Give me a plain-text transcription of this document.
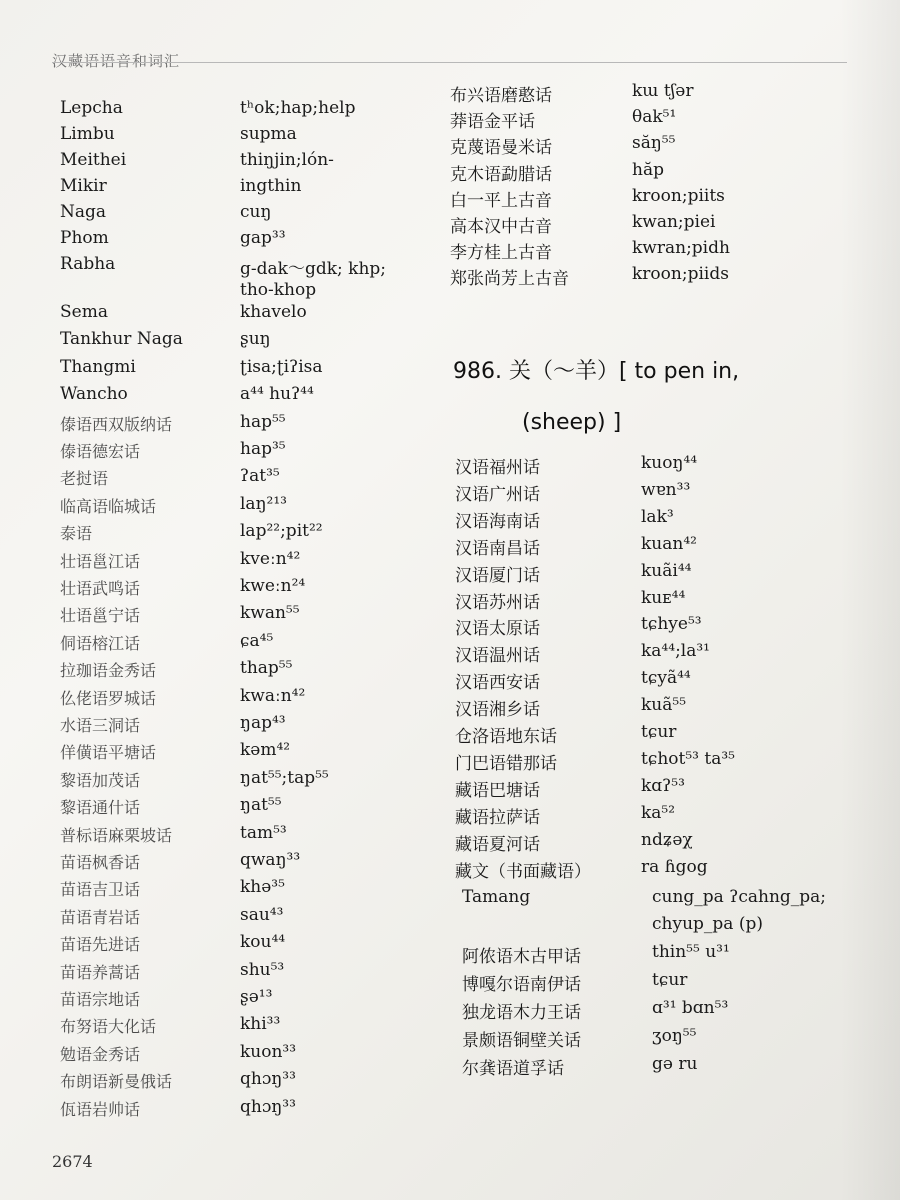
汉藏语语音和词汇
Lepcha	tʰok;hap;help
Limbu	supma
Meithei	thiŋjin;lón-
Mikir	ingthin
Naga	cuŋ
Phom	gap³³
Rabha	g-dak～gdk; khp;
tho-khop
Sema	khavelo
Tankhur Naga	ʂuŋ
Thangmi	ʈisa;ʈiʔisa
Wancho	a⁴⁴ huʔ⁴⁴
傣语西双版纳话	hap⁵⁵
傣语德宏话	hap³⁵
老挝语	ʔat³⁵
临高语临城话	laŋ²¹³
泰语	lap²²;pit²²
壮语邕江话	kveːn⁴²
壮语武鸣话	kweːn²⁴
壮语邕宁话	kwan⁵⁵
侗语榕江话	ɕa⁴⁵
拉珈语金秀话	thap⁵⁵
仫佬语罗城话	kwaːn⁴²
水语三洞话	ŋap⁴³
佯僙语平塘话	kəm⁴²
黎语加茂话	ŋat⁵⁵;tap⁵⁵
黎语通什话	ŋat⁵⁵
普标语麻栗坡话	tam⁵³
苗语枫香话	qwaŋ³³
苗语吉卫话	khə³⁵
苗语青岩话	sau⁴³
苗语先进话	kou⁴⁴
苗语养蒿话	shu⁵³
苗语宗地话	ʂə¹³
布努语大化话	khi³³
勉语金秀话	kuon³³
布朗语新曼俄话	qhɔŋ³³
佤语岩帅话	qhɔŋ³³
布兴语磨憨话	kɯ tʃər
莽语金平话	θak⁵¹
克蔑语曼米话	săŋ⁵⁵
克木语勐腊话	hăp
白一平上古音	kroon;piits
高本汉中古音	kwan;piei
李方桂上古音	kwran;pidh
郑张尚芳上古音	kroon;piids
986. 关（～羊）[ to pen in,
(sheep) ]
汉语福州话	kuoŋ⁴⁴
汉语广州话	wɐn³³
汉语海南话	lak³
汉语南昌话	kuan⁴²
汉语厦门话	kuãi⁴⁴
汉语苏州话	kuᴇ⁴⁴
汉语太原话	tɕhye⁵³
汉语温州话	ka⁴⁴;la³¹
汉语西安话	tɕyã⁴⁴
汉语湘乡话	kuã⁵⁵
仓洛语地东话	tɕur
门巴语错那话	tɕhot⁵³ ta³⁵
藏语巴塘话	kɑʔ⁵³
藏语拉萨话	ka⁵²
藏语夏河话	ndʑəχ
藏文（书面藏语）	ra ɦgog
Tamang	cung_pa ʔcahng_pa;
chyup_pa (p)
阿侬语木古甲话	thin⁵⁵ u³¹
博嘎尔语南伊话	tɕur
独龙语木力王话	ɑ³¹ bɑn⁵³
景颇语铜壁关话	ʒoŋ⁵⁵
尔龚语道孚话	gə ru
2674
